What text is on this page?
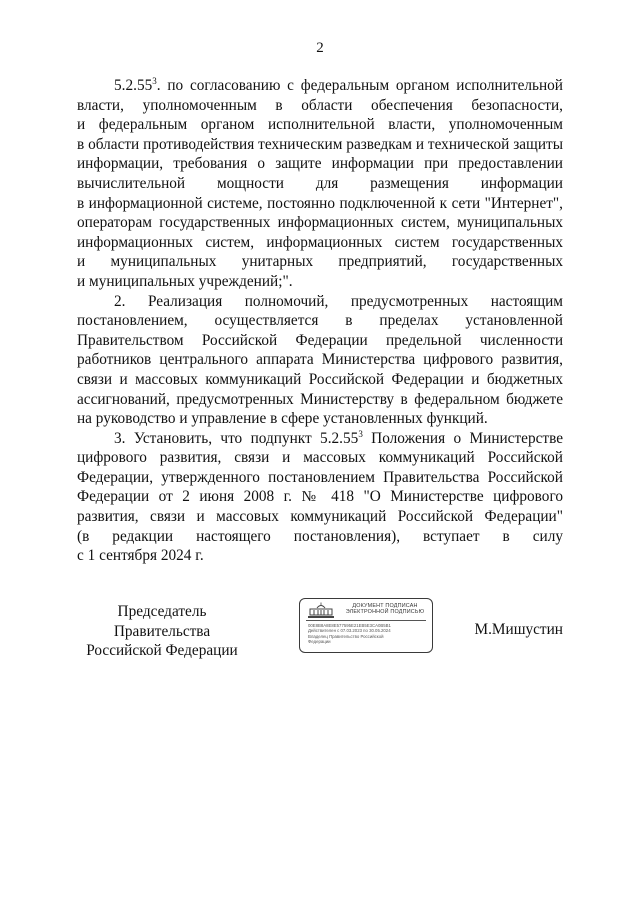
2
5.2.55$^3$. по согласованию с федеральным органом исполнительной
власти, уполномоченным в области обеспечения безопасности,
и федеральным органом исполнительной власти, уполномоченным
в области противодействия техническим разведкам и технической защиты
информации, требования о защите информации при предоставлении
вычислительной мощности для размещения информации
в информационной системе, постоянно подключенной к сети "Интернет",
операторам государственных информационных систем, муниципальных
информационных систем, информационных систем государственных
и муниципальных унитарных предприятий, государственных
и муниципальных учреждений;".
2. Реализация полномочий, предусмотренных настоящим
постановлением, осуществляется в пределах установленной
Правительством Российской Федерации предельной численности
работников центрального аппарата Министерства цифрового развития,
связи и массовых коммуникаций Российской Федерации и бюджетных
ассигнований, предусмотренных Министерству в федеральном бюджете
на руководство и управление в сфере установленных функций.
3. Установить, что подпункт 5.2.55$^3$ Положения о Министерстве
цифрового развития, связи и массовых коммуникаций Российской
Федерации, утвержденного постановлением Правительства Российской
Федерации от 2 июня 2008 г. № 418 "О Министерстве цифрового
развития, связи и массовых коммуникаций Российской Федерации"
(в редакции настоящего постановления), вступает в силу
с 1 сентября 2024 г.
Председатель Правительства
Российской Федерации
ДОКУМЕНТ ПОДПИСАН
ЭЛЕКТРОННОЙ ПОДПИСЬЮ
00E8B8A8E8E577595E21EB5E3CA0B5B1
Действителен с 07.03.2023 по 30.05.2024
Владелец Правительство Российской
Федерации
М.Мишустин
